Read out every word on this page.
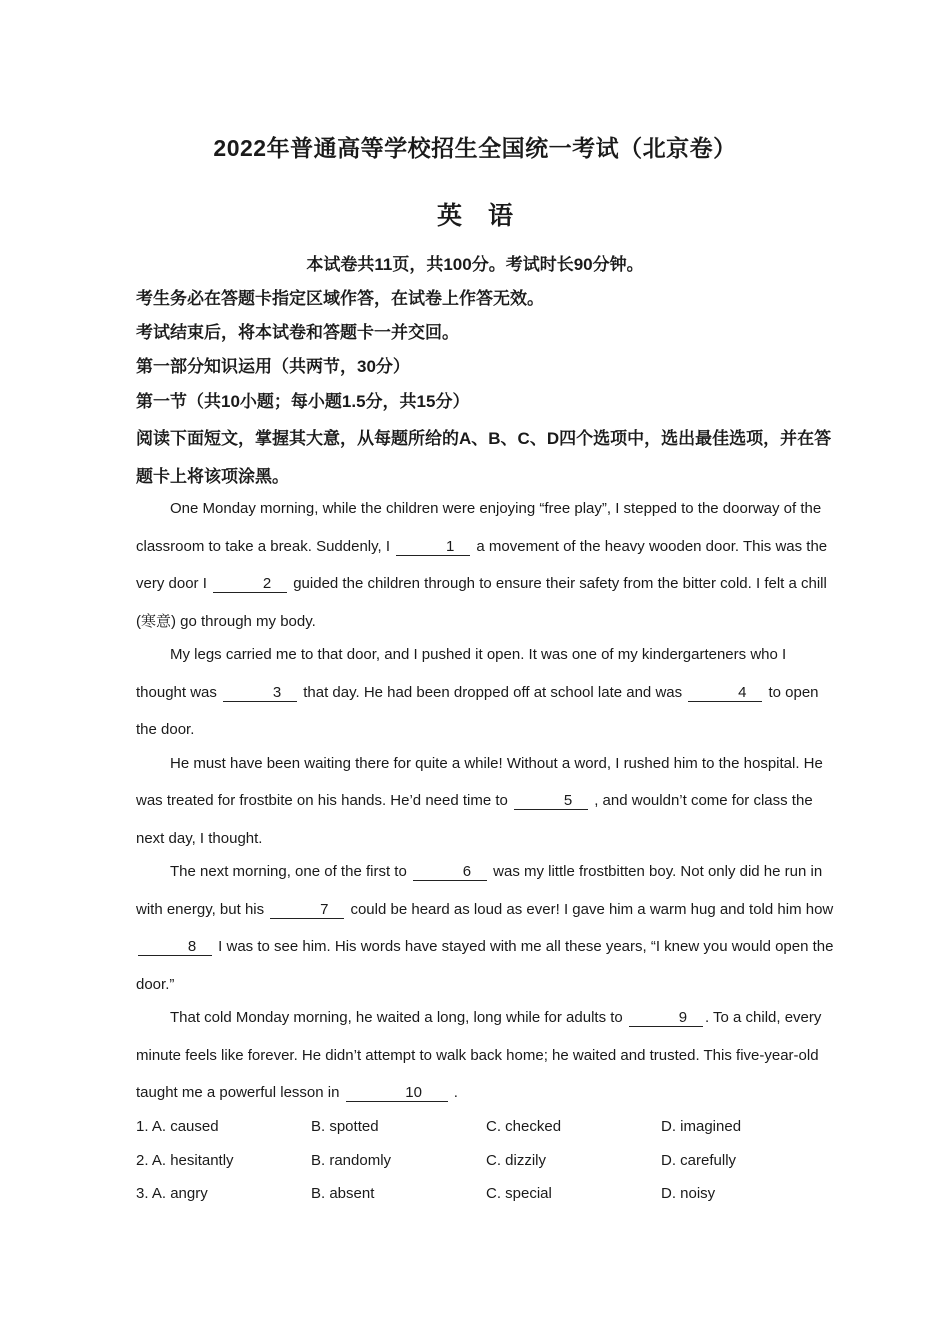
2022年普通高等学校招生全国统一考试（北京卷）
英语
本试卷共11页，共100分。考试时长90分钟。
考生务必在答题卡指定区域作答，在试卷上作答无效。
考试结束后，将本试卷和答题卡一并交回。
第一部分知识运用（共两节，30分）
第一节（共10小题；每小题1.5分，共15分）
阅读下面短文，掌握其大意，从每题所给的A、B、C、D四个选项中，选出最佳选项，并在答题卡上将该项涂黑。

One Monday morning, while the children were enjoying “free play”, I stepped to the doorway of the classroom to take a break. Suddenly, I	1 a movement of the heavy wooden door. This was the very door I	2 guided the children through to ensure their safety from the bitter cold. I felt a chill (寒意) go through my body.

My legs carried me to that door, and I pushed it open. It was one of my kindergarteners who I thought was	3 that day. He had been dropped off at school late and was	4 to open the door.

He must have been waiting there for quite a while! Without a word, I rushed him to the hospital. He was treated for frostbite on his hands. He’d need time to	5 , and wouldn’t come for class the next day, I thought.

The next morning, one of the first to	6 was my little frostbitten boy. Not only did he run in with energy, but his	7 could be heard as loud as ever! I gave him a warm hug and told him how 8 I was to see him. His words have stayed with me all these years, “I knew you would open the door.”

That cold Monday morning, he waited a long, long while for adults to	9 . To a child, every minute feels like forever. He didn’t attempt to walk back home; he waited and trusted. This five-year-old taught me a powerful lesson in	10 .

1. A. caused	B. spotted	C. checked	D. imagined
2. A. hesitantly	B. randomly	C. dizzily	D. carefully
3. A. angry	B. absent	C. special	D. noisy
